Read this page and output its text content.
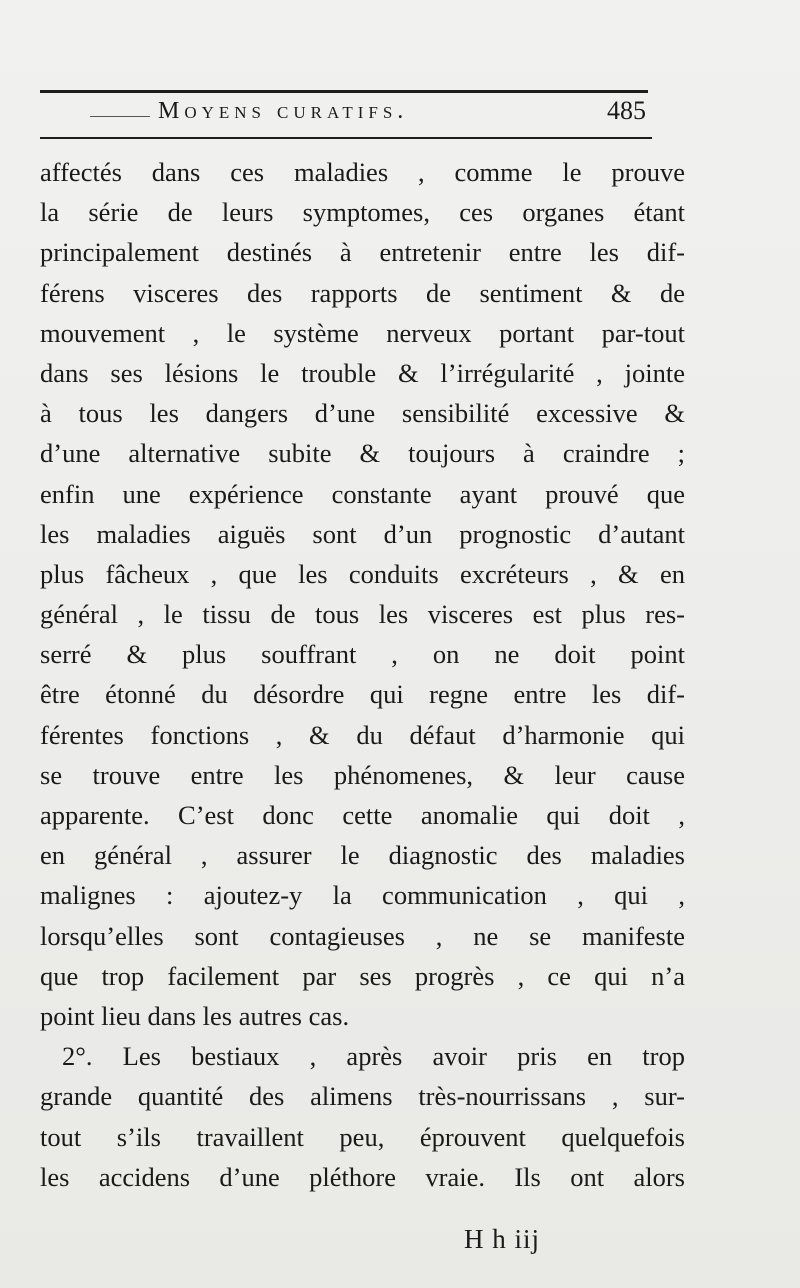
Moyens curatifs.	485
affectés dans ces maladies , comme le prouve
la série de leurs symptomes, ces organes étant
principalement destinés à entretenir entre les dif-
férens visceres des rapports de sentiment & de
mouvement , le système nerveux portant par-tout
dans ses lésions le trouble & l’irrégularité , jointe
à tous les dangers d’une sensibilité excessive &
d’une alternative subite & toujours à craindre ;
enfin une expérience constante ayant prouvé que
les maladies aiguës sont d’un prognostic d’autant
plus fâcheux , que les conduits excréteurs , & en
général , le tissu de tous les visceres est plus res-
serré & plus souffrant , on ne doit point
être étonné du désordre qui regne entre les dif-
férentes fonctions , & du défaut d’harmonie qui
se trouve entre les phénomenes, & leur cause
apparente. C’est donc cette anomalie qui doit ,
en général , assurer le diagnostic des maladies
malignes : ajoutez-y la communication , qui ,
lorsqu’elles sont contagieuses , ne se manifeste
que trop facilement par ses progrès , ce qui n’a
point lieu dans les autres cas.
2°. Les bestiaux , après avoir pris en trop
grande quantité des alimens très-nourrissans , sur-
tout s’ils travaillent peu, éprouvent quelquefois
les accidens d’une pléthore vraie. Ils ont alors
H h iij
